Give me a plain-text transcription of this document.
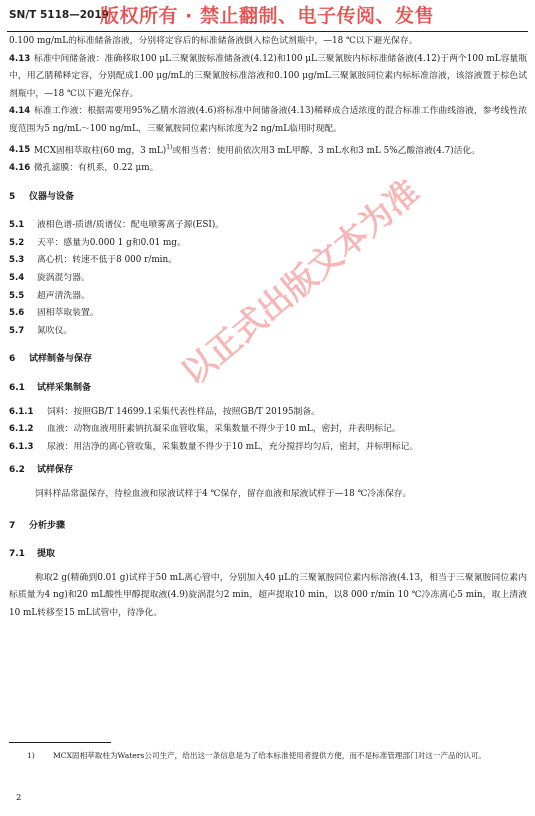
SN/T 5118—2019
版权所有 · 禁止翻制、电子传阅、发售

0.100 mg/mL的标准储备溶液，分别将定容后的标准储备液倒入棕色试剂瓶中，—18 ℃以下避光保存。

4.13 标准中间储备液：准确移取100 μL三聚氰胺标准储备液(4.12)和100 μL三聚氰胺内标标准储备液(4.12)于两个100 mL容量瓶中，用乙腈稀释定容，分别配成1.00 μg/mL的三聚氰胺标准溶液和0.100 μg/mL三聚氰胺同位素内标标准溶液，该溶液置于棕色试剂瓶中，—18 ℃以下避光保存。

4.14 标准工作液：根据需要用95%乙腈水溶液(4.6)将标准中间储备液(4.13)稀释成合适浓度的混合标准工作曲线溶液，参考线性浓度范围为5 ng/mL～100 ng/mL，三聚氰胺同位素内标浓度为2 ng/mL临用时现配。

4.15 MCX固相萃取柱(60 mg，3 mL)$^{1)}$或相当者：使用前依次用3 mL甲醇、3 mL水和3 mL 5%乙酸溶液(4.7)活化。

4.16 微孔滤膜：有机系，0.22 μm。

5 仪器与设备
5.1	液相色谱-质谱/质谱仪：配电喷雾离子源(ESI)。
5.2	天平：感量为0.000 1 g和0.01 mg。
5.3	离心机：转速不低于8 000 r/min。
5.4	旋涡混匀器。
5.5	超声清洗器。
5.6	固相萃取装置。
5.7	氮吹仪。
6 试样制备与保存
6.1 试样采集制备
6.1.1	饲料：按照GB/T 14699.1采集代表性样品，按照GB/T 20195制备。
6.1.2	血液：动物血液用肝素钠抗凝采血管收集，采集数量不得少于10 mL，密封，并表明标记。
6.1.3	尿液：用洁净的离心管收集，采集数量不得少于10 mL，充分搅拌均匀后，密封，并标明标记。
6.2 试样保存

饲料样品常温保存，待检血液和尿液试样于4 ℃保存，留存血液和尿液试样于—18 ℃冷冻保存。

7 分析步骤
7.1 提取

称取2 g(精确到0.01 g)试样于50 mL离心管中，分别加入40 μL的三聚氰胺同位素内标溶液(4.13，相当于三聚氰胺同位素内标质量为4 ng)和20 mL酸性甲醇提取液(4.9)旋涡混匀2 min，超声提取10 min，以8 000 r/min 10 ℃冷冻离心5 min，取上清液10 mL转移至15 mL试管中，待净化。

以正式出版文本为准
1)	MCX固相萃取柱为Waters公司生产，给出这一条信息是为了给本标准使用者提供方便，而不是标准管理部门对这一产品的认可。
2
